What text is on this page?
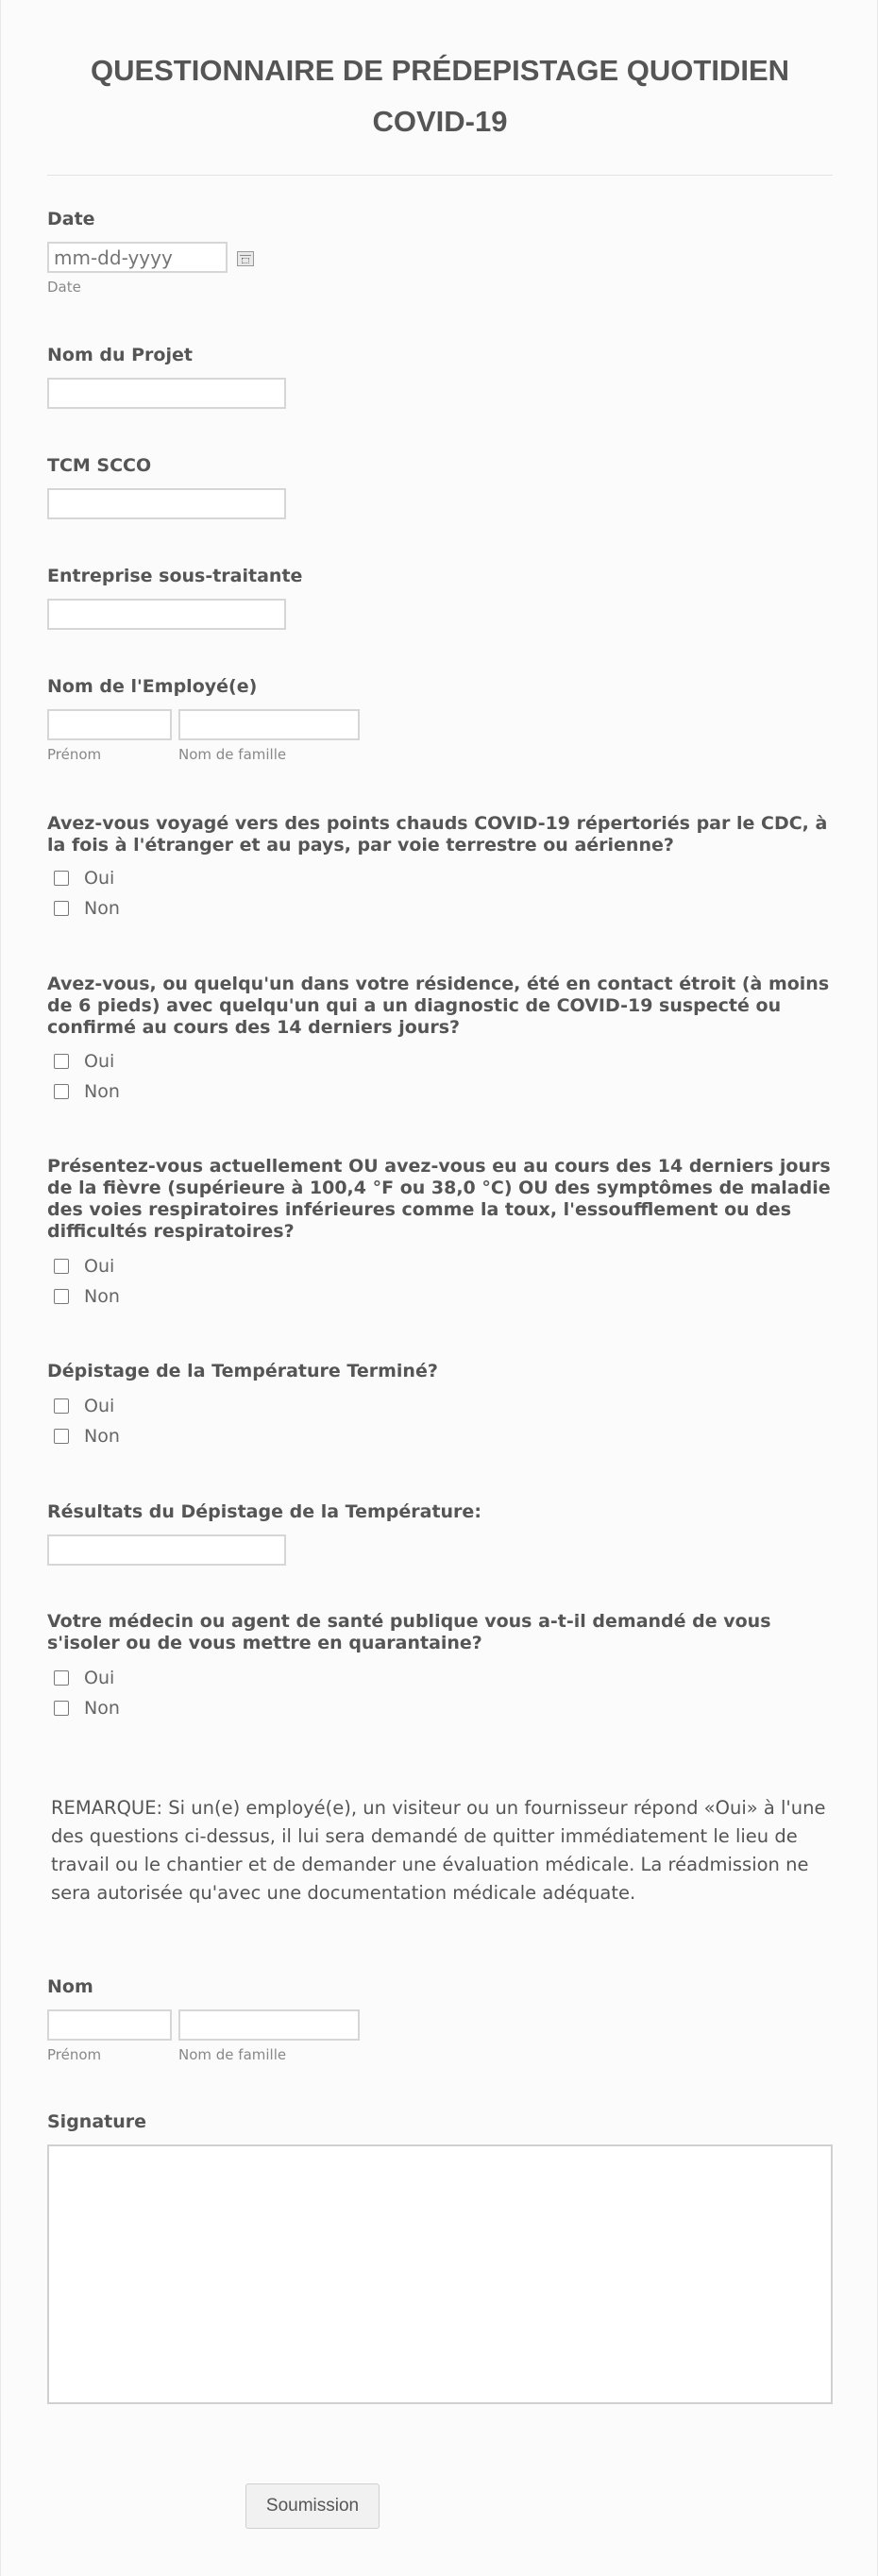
QUESTIONNAIRE DE PRÉDEPISTAGE QUOTIDIEN COVID-19
Date
mm-dd-yyyy
Date
Nom du Projet
TCM SCCO
Entreprise sous-traitante
Nom de l'Employé(e)
Prénom	Nom de famille
Avez-vous voyagé vers des points chauds COVID-19 répertoriés par le CDC, à la fois à l'étranger et au pays, par voie terrestre ou aérienne?
Oui
Non
Avez-vous, ou quelqu'un dans votre résidence, été en contact étroit (à moins de 6 pieds) avec quelqu'un qui a un diagnostic de COVID-19 suspecté ou confirmé au cours des 14 derniers jours?
Oui
Non
Présentez-vous actuellement OU avez-vous eu au cours des 14 derniers jours de la fièvre (supérieure à 100,4 °F ou 38,0 °C) OU des symptômes de maladie des voies respiratoires inférieures comme la toux, l'essoufflement ou des difficultés respiratoires?
Oui
Non
Dépistage de la Température Terminé?
Oui
Non
Résultats du Dépistage de la Température:
Votre médecin ou agent de santé publique vous a-t-il demandé de vous s'isoler ou de vous mettre en quarantaine?
Oui
Non
REMARQUE: Si un(e) employé(e), un visiteur ou un fournisseur répond «Oui» à l'une des questions ci-dessus, il lui sera demandé de quitter immédiatement le lieu de travail ou le chantier et de demander une évaluation médicale. La réadmission ne sera autorisée qu'avec une documentation médicale adéquate.
Nom
Prénom	Nom de famille
Signature
Soumission
